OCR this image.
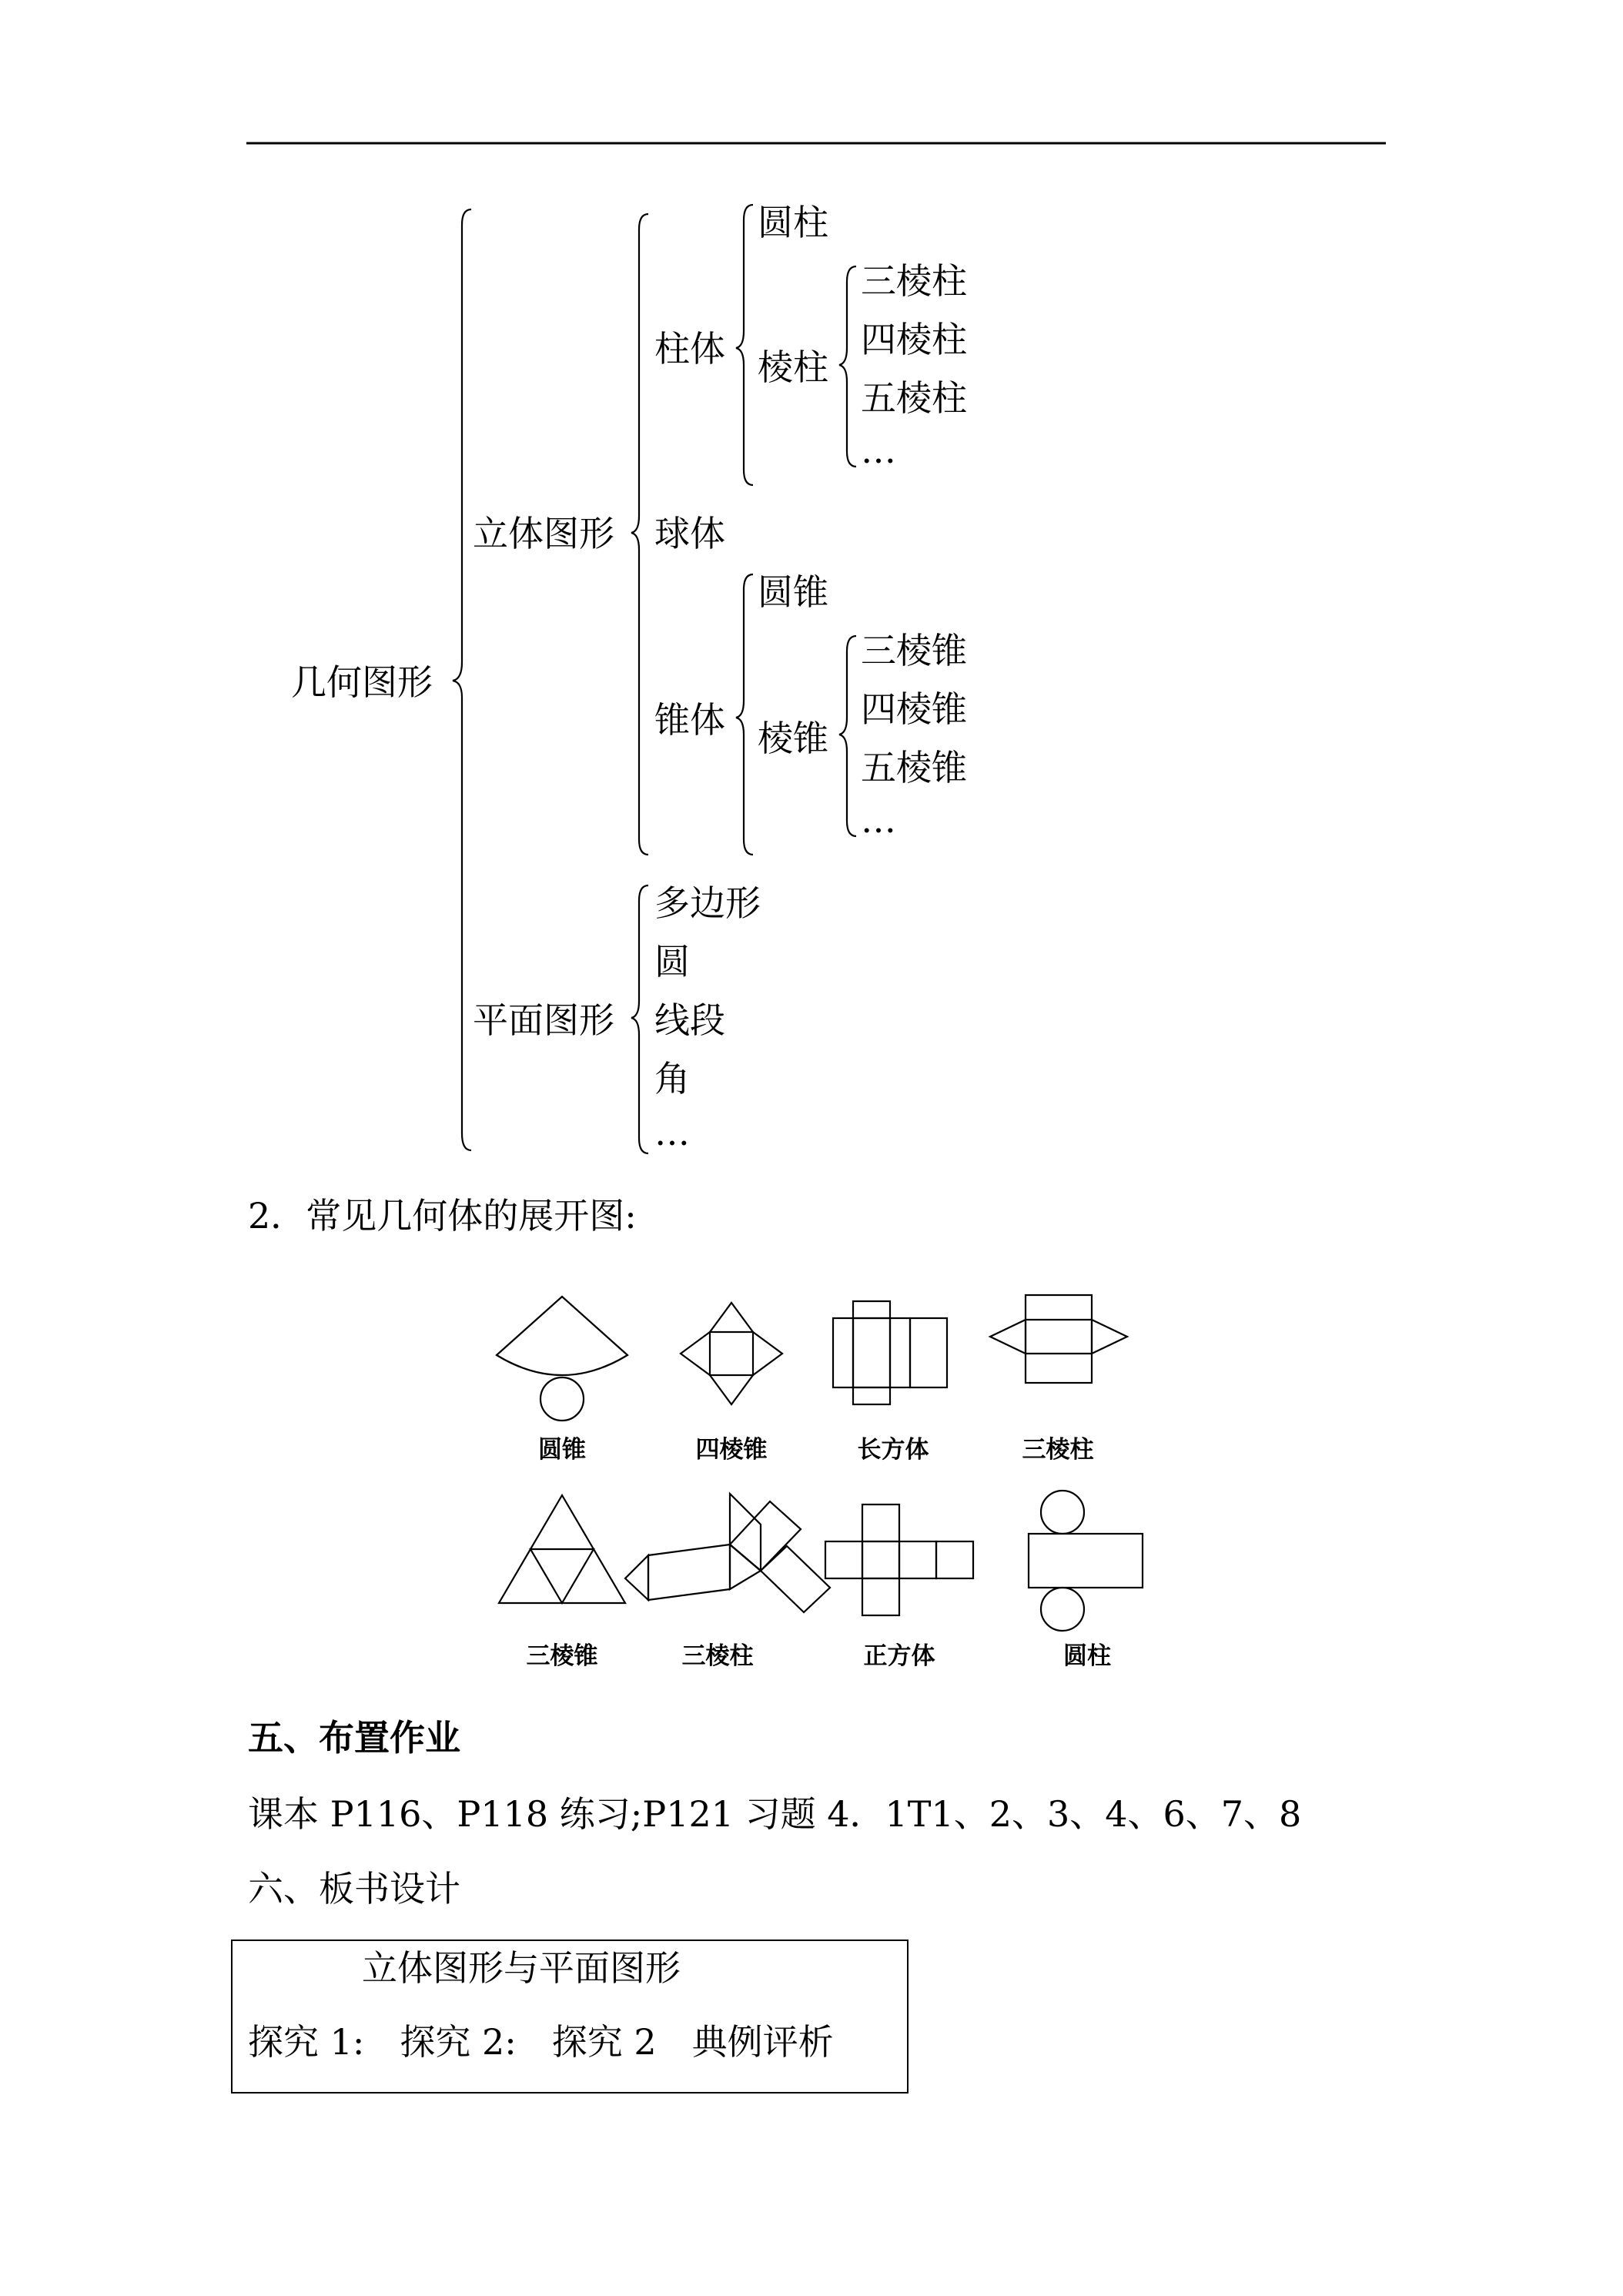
几何图形
立体图形
平面图形
柱体
球体
锥体
圆柱
棱柱
三棱柱
四棱柱
五棱柱
…
圆锥
棱锥
三棱锥
四棱锥
五棱锥
…
多边形
圆
线段
角
…
2．常见几何体的展开图:
圆锥	四棱锥	长方体	三棱柱
三棱锥	三棱柱	正方体	圆柱
五、布置作业
课本 P116、P118 练习;P121 习题 4．1T1、2、3、4、6、7、8
六、板书设计
立体图形与平面图形
探究 1:　探究 2:　探究 2　典例评析
